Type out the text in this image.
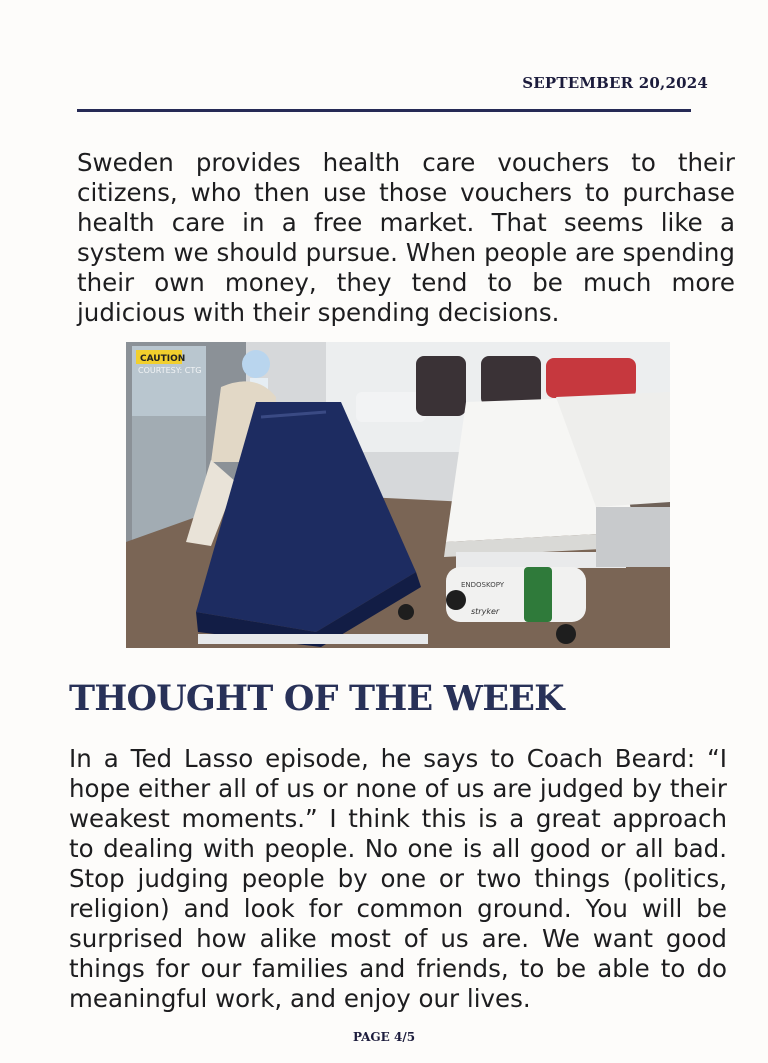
SEPTEMBER 20,2024

Sweden provides health care vouchers to their citizens, who then use those vouchers to purchase health care in a free market. That seems like a system we should pursue. When people are spending their own money, they tend to be much more judicious with their spending decisions.

CAUTION
ENDOSKOPY
stryker
COURTESY: CTG
THOUGHT OF THE WEEK

In a Ted Lasso episode, he says to Coach Beard: “I hope either all of us or none of us are judged by their weakest moments.” I think this is a great approach to dealing with people. No one is all good or all bad. Stop judging people by one or two things (politics, religion) and look for common ground. You will be surprised how alike most of us are. We want good things for our families and friends, to be able to do meaningful work, and enjoy our lives.

PAGE 4/5
